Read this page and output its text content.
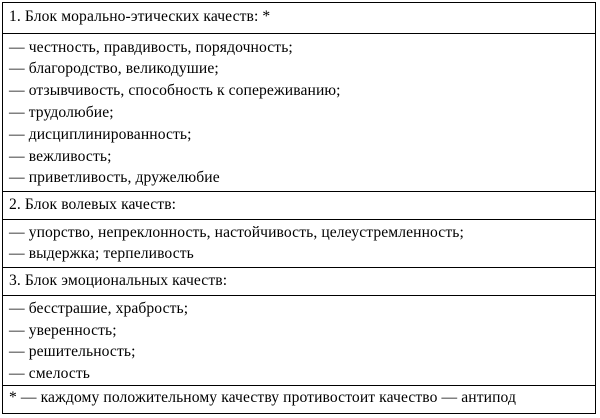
1. Блок морально-этических качеств: *
— честность, правдивость, порядочность;
— благородство, великодушие;
— отзывчивость, способность к сопереживанию;
— трудолюбие;
— дисциплинированность;
— вежливость;
— приветливость, дружелюбие
2. Блок волевых качеств:
— упорство, непреклонность, настойчивость, целеустремленность;
— выдержка; терпеливость
3. Блок эмоциональных качеств:
— бесстрашие, храбрость;
— уверенность;
— решительность;
— смелость
* — каждому положительному качеству противостоит качество — антипод
